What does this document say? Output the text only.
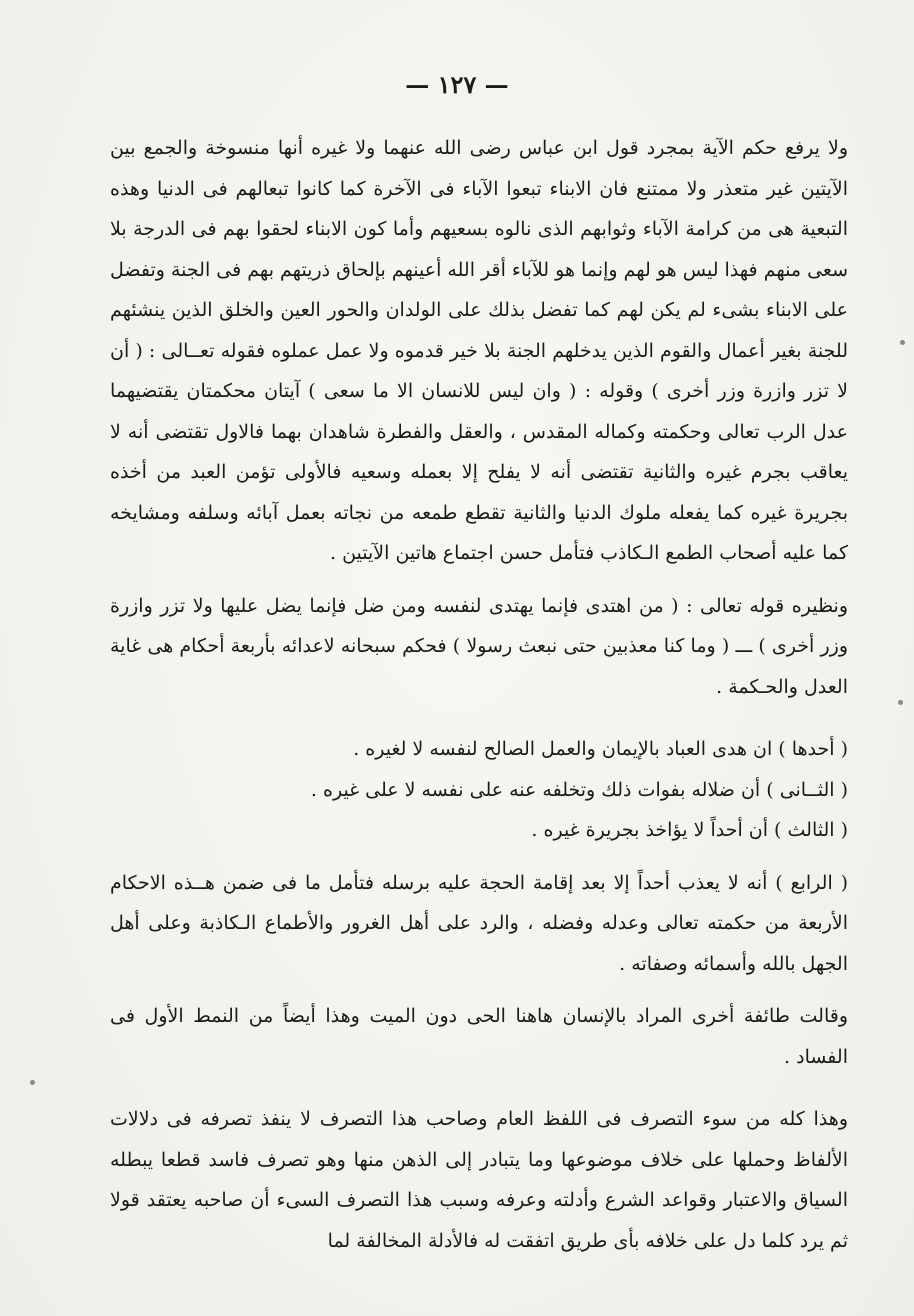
— ١٢٧ —

ولا يرفع حكم الآية بمجرد قول ابن عباس رضى الله عنهما ولا غيره أنها منسوخة والجمع بين الآيتين غير متعذر ولا ممتنع فان الابناء تبعوا الآباء فى الآخرة كما كانوا تبعالهم فى الدنيا وهذه التبعية هى من كرامة الآباء وثوابهم الذى نالوه بسعيهم وأما كون الابناء لحقوا بهم فى الدرجة بلا سعى منهم فهذا ليس هو لهم وإنما هو للآباء أقر الله أعينهم بإلحاق ذريتهم بهم فى الجنة وتفضل على الابناء بشىء لم يكن لهم كما تفضل بذلك على الولدان والحور العين والخلق الذين ينشئهم للجنة بغير أعمال والقوم الذين يدخلهم الجنة بلا خير قدموه ولا عمل عملوه فقوله تعــالى : ( أن لا تزر وازرة وزر أخرى ) وقوله : ( وان ليس للانسان الا ما سعى ) آيتان محكمتان يقتضيهما عدل الرب تعالى وحكمته وكماله المقدس ، والعقل والفطرة شاهدان بهما فالاول تقتضى أنه لا يعاقب بجرم غيره والثانية تقتضى أنه لا يفلح إلا بعمله وسعيه فالأولى تؤمن العبد من أخذه بجريرة غيره كما يفعله ملوك الدنيا والثانية تقطع طمعه من نجاته بعمل آبائه وسلفه ومشايخه كما عليه أصحاب الطمع الـكاذب فتأمل حسن اجتماع هاتين الآيتين .

ونظيره قوله تعالى : ( من اهتدى فإنما يهتدى لنفسه ومن ضل فإنما يضل عليها ولا تزر وازرة وزر أخرى ) ـــ ( وما كنا معذبين حتى نبعث رسولا ) فحكم سبحانه لاعدائه بأربعة أحكام هى غاية العدل والحـكمة .

( أحدها ) ان هدى العباد بالإيمان والعمل الصالح لنفسه لا لغيره .

( الثــانى ) أن ضلاله بفوات ذلك وتخلفه عنه على نفسه لا على غيره .

( الثالث ) أن أحداً لا يؤاخذ بجريرة غيره .

( الرابع ) أنه لا يعذب أحداً إلا بعد إقامة الحجة عليه برسله فتأمل ما فى ضمن هــذه الاحكام الأربعة من حكمته تعالى وعدله وفضله ، والرد على أهل الغرور والأطماع الـكاذبة وعلى أهل الجهل بالله وأسمائه وصفاته .

وقالت طائفة أخرى المراد بالإنسان هاهنا الحى دون الميت وهذا أيضاً من النمط الأول فى الفساد .

وهذا كله من سوء التصرف فى اللفظ العام وصاحب هذا التصرف لا ينفذ تصرفه فى دلالات الألفاظ وحملها على خلاف موضوعها وما يتبادر إلى الذهن منها وهو تصرف فاسد قطعا يبطله السياق والاعتبار وقواعد الشرع وأدلته وعرفه وسبب هذا التصرف السىء أن صاحبه يعتقد قولا ثم يرد كلما دل على خلافه بأى طريق اتفقت له فالأدلة المخالفة لما
